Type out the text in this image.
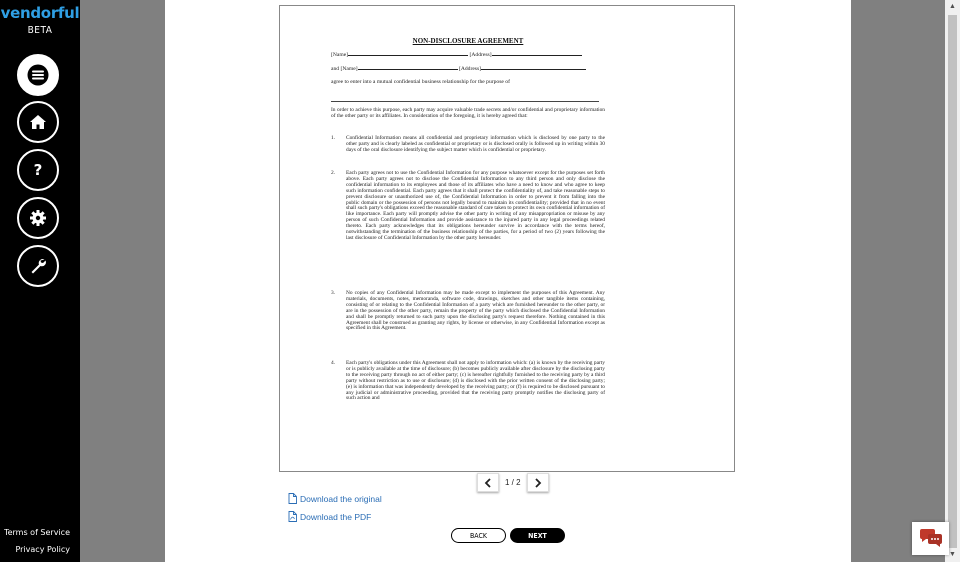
vendorful
BETA
?
Terms of Service
Privacy Policy
▲
▼
NON-DISCLOSURE AGREEMENT
[Name]	[Address]
and [Name]	[Address]
agree to enter into a mutual confidential business relationship for the purpose of
In order to achieve this purpose, each party may acquire valuable trade secrets and/or confidential and proprietary information of the other party or its affiliates. In consideration of the foregoing, it is hereby agreed that:
1. Confidential Information means all confidential and proprietary information which is disclosed by one party to the other party and is clearly labeled as confidential or proprietary or is disclosed orally is followed up in writing within 30 days of the oral disclosure identifying the subject matter which is confidential or proprietary.
2. Each party agrees not to use the Confidential Information for any purpose whatsoever except for the purposes set forth above. Each party agrees not to disclose the Confidential Information to any third person and only disclose the confidential information to its employees and those of its affiliates who have a need to know and who agree to keep such information confidential. Each party agrees that it shall protect the confidentiality of, and take reasonable steps to prevent disclosure or unauthorized use of, the Confidential Information in order to prevent it from falling into the public domain or the possession of persons not legally bound to maintain its confidentiality; provided that in no event shall such party's obligations exceed the reasonable standard of care taken to protect its own confidential information of like importance. Each party will promptly advise the other party in writing of any misappropriation or misuse by any person of such Confidential Information and provide assistance to the injured party in any legal proceedings related thereto. Each party acknowledges that its obligations hereunder survive in accordance with the terms hereof, notwithstanding the termination of the business relationship of the parties, for a period of two (2) years following the last disclosure of Confidential Information by the other party hereunder.
3. No copies of any Confidential Information may be made except to implement the purposes of this Agreement. Any materials, documents, notes, memoranda, software code, drawings, sketches and other tangible items containing, consisting of or relating to the Confidential Information of a party which are furnished hereunder to the other party, or are in the possession of the other party, remain the property of the party which disclosed the Confidential Information and shall be promptly returned to such party upon the disclosing party's request therefore. Nothing contained in this Agreement shall be construed as granting any rights, by license or otherwise, in any Confidential Information except as specified in this Agreement.
4. Each party's obligations under this Agreement shall not apply to information which: (a) is known by the receiving party or is publicly available at the time of disclosure; (b) becomes publicly available after disclosure by the disclosing party to the receiving party through no act of either party; (c) is hereafter rightfully furnished to the receiving party by a third party without restriction as to use or disclosure; (d) is disclosed with the prior written consent of the disclosing party; (e) is information that was independently developed by the receiving party; or (f) is required to be disclosed pursuant to any judicial or administrative proceeding, provided that the receiving party promptly notifies the disclosing party of such action and
1 / 2
Download the original
Download the PDF
BACK	NEXT
